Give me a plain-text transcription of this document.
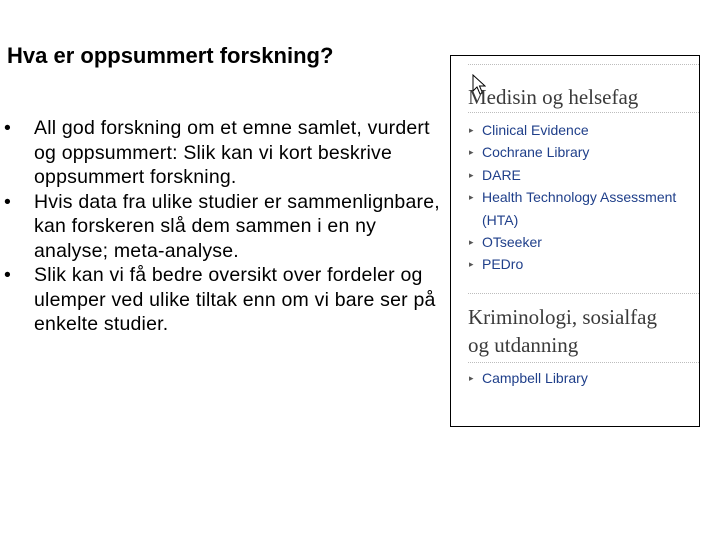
Hva er oppsummert forskning?
•	All god forskning om et emne samlet, vurdert og oppsummert: Slik kan vi kort beskrive oppsummert forskning.
•	Hvis data fra ulike studier er sammenlignbare, kan forskeren slå dem sammen i en ny analyse; meta-analyse.
•	Slik kan vi få bedre oversikt over fordeler og ulemper ved ulike tiltak enn om vi bare ser på enkelte studier.
Medisin og helsefag
▸ Clinical Evidence
▸ Cochrane Library
▸ DARE
▸ Health Technology Assessment
(HTA)
▸ OTseeker
▸ PEDro
Kriminologi, sosialfag
og utdanning
▸ Campbell Library
